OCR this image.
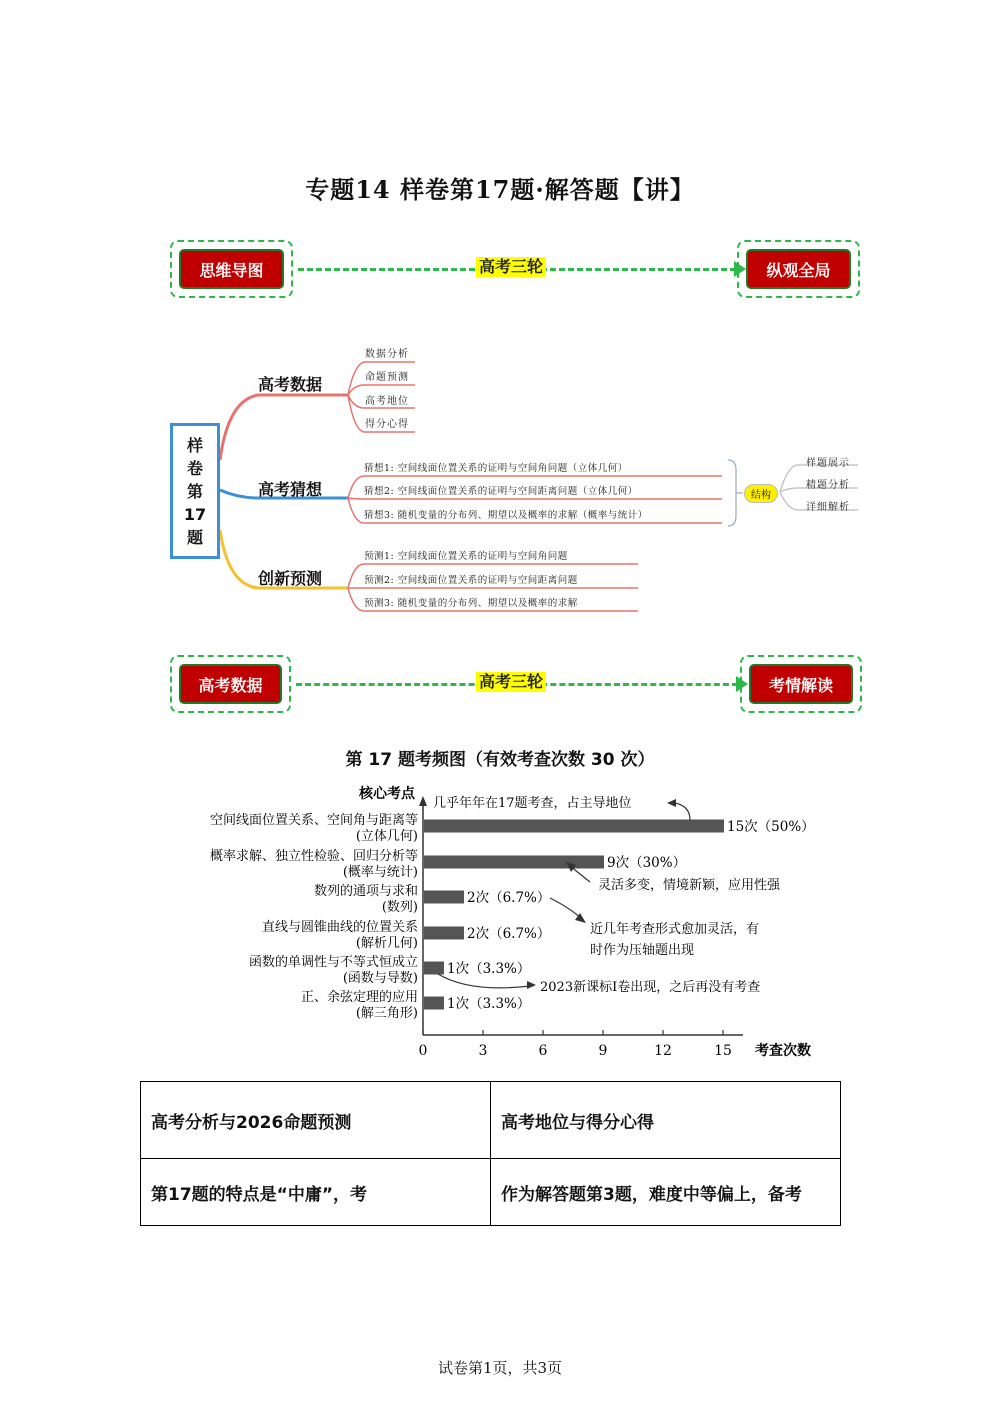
专题14 样卷第17题·解答题【讲】
思维导图	高考三轮	纵观全局
样
卷
第
17
题
高考数据
数据分析
命题预测
高考地位
得分心得
高考猜想
猜想1: 空间线面位置关系的证明与空间角问题（立体几何）
猜想2: 空间线面位置关系的证明与空间距离问题（立体几何）
猜想3: 随机变量的分布列、期望以及概率的求解（概率与统计）
结构
样题展示
精题分析
详细解析
创新预测
预测1: 空间线面位置关系的证明与空间角问题
预测2: 空间线面位置关系的证明与空间距离问题
预测3: 随机变量的分布列、期望以及概率的求解
高考数据	高考三轮	考情解读
第 17 题考频图（有效考查次数 30 次）
核心考点
0	3	6	9	12	15 考查次数
空间线面位置关系、空间角与距离等
(立体几何)
15次（50%）
概率求解、独立性检验、回归分析等
(概率与统计)
9次（30%）
数列的通项与求和
(数列)
2次（6.7%）
直线与圆锥曲线的位置关系
(解析几何)
2次（6.7%）
函数的单调性与不等式恒成立
(函数与导数)
1次（3.3%）
正、余弦定理的应用
(解三角形)
1次（3.3%）
几乎年年在17题考查，占主导地位
灵活多变，情境新颖，应用性强
近几年考查形式愈加灵活，有
时作为压轴题出现
2023新课标Ⅰ卷出现，之后再没有考查
高考分析与2026命题预测	高考地位与得分心得
第17题的特点是“中庸”，考	作为解答题第3题，难度中等偏上，备考
试卷第1页，共3页
